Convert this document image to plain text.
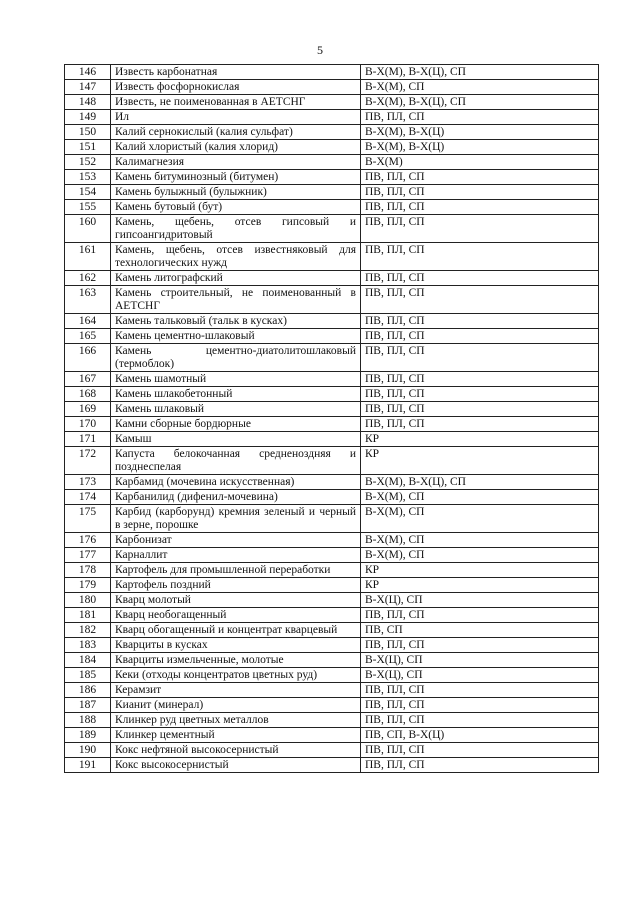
5
146	Известь карбонатная	В-Х(М), В-Х(Ц), СП
147	Известь фосфорнокислая	В-Х(М), СП
148	Известь, не поименованная в АЕТСНГ	В-Х(М), В-Х(Ц), СП
149	Ил	ПВ, ПЛ, СП
150	Калий сернокислый (калия сульфат)	В-Х(М), В-Х(Ц)
151	Калий хлористый (калия хлорид)	В-Х(М), В-Х(Ц)
152	Калимагнезия	В-Х(М)
153	Камень битуминозный (битумен)	ПВ, ПЛ, СП
154	Камень булыжный (булыжник)	ПВ, ПЛ, СП
155	Камень бутовый (бут)	ПВ, ПЛ, СП
160	Камень, щебень, отсев гипсовый и гипсоангидритовый	ПВ, ПЛ, СП
161	Камень, щебень, отсев известняковый для технологических нужд	ПВ, ПЛ, СП
162	Камень литографский	ПВ, ПЛ, СП
163	Камень строительный, не поименованный в АЕТСНГ	ПВ, ПЛ, СП
164	Камень тальковый (тальк в кусках)	ПВ, ПЛ, СП
165	Камень цементно-шлаковый	ПВ, ПЛ, СП
166	Камень цементно-диатолитошлаковый (термоблок)	ПВ, ПЛ, СП
167	Камень шамотный	ПВ, ПЛ, СП
168	Камень шлакобетонный	ПВ, ПЛ, СП
169	Камень шлаковый	ПВ, ПЛ, СП
170	Камни сборные бордюрные	ПВ, ПЛ, СП
171	Камыш	КР
172	Капуста белокочанная средненоздняя и позднеспелая	КР
173	Карбамид (мочевина искусственная)	В-Х(М), В-Х(Ц), СП
174	Карбанилид (дифенил-мочевина)	В-Х(М), СП
175	Карбид (карборунд) кремния зеленый и черный в зерне, порошке	В-Х(М), СП
176	Карбонизат	В-Х(М), СП
177	Карналлит	В-Х(М), СП
178	Картофель для промышленной переработки	КР
179	Картофель поздний	КР
180	Кварц молотый	В-Х(Ц), СП
181	Кварц необогащенный	ПВ, ПЛ, СП
182	Кварц обогащенный и концентрат кварцевый	ПВ, СП
183	Кварциты в кусках	ПВ, ПЛ, СП
184	Кварциты измельченные, молотые	В-Х(Ц), СП
185	Кеки (отходы концентратов цветных руд)	В-Х(Ц), СП
186	Керамзит	ПВ, ПЛ, СП
187	Кианит (минерал)	ПВ, ПЛ, СП
188	Клинкер руд цветных металлов	ПВ, ПЛ, СП
189	Клинкер цементный	ПВ, СП, В-Х(Ц)
190	Кокс нефтяной высокосернистый	ПВ, ПЛ, СП
191	Кокс высокосернистый	ПВ, ПЛ, СП
